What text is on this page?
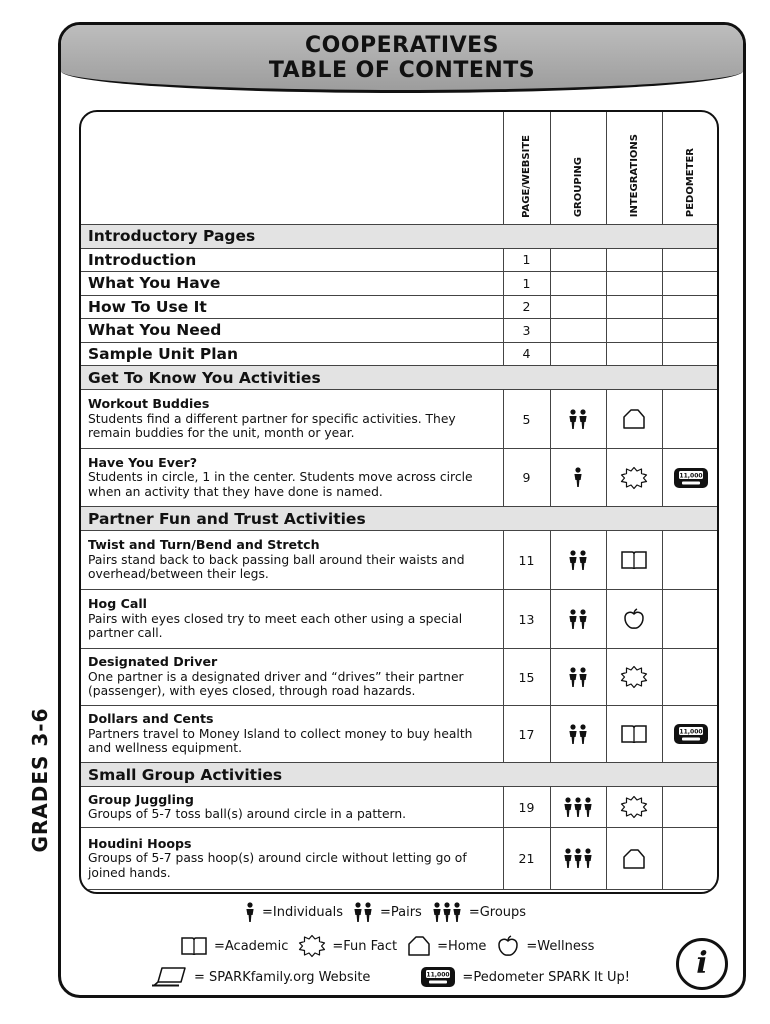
COOPERATIVES
TABLE OF CONTENTS
GRADES 3-6

	PAGE/WEBSITE	GROUPING	INTEGRATIONS	PEDOMETER

Introductory Pages				
Introduction	1			
What You Have	1			
How To Use It	2			
What You Need	3			
Sample Unit Plan	4			
Get To Know You Activities				

Workout Buddies
Students find a different partner for specific activities. They remain buddies for the unit, month or year.	5			

Have You Ever?
Students in circle, 1 in the center. Students move across circle when an activity that they have done is named.	9			11,000

Partner Fun and Trust Activities				

Twist and Turn/Bend and Stretch
Pairs stand back to back passing ball around their waists and overhead/between their legs.	11			

Hog Call
Pairs with eyes closed try to meet each other using a special partner call.	13			

Designated Driver
One partner is a designated driver and “drives” their partner (passenger), with eyes closed, through road hazards.	15			

Dollars and Cents
Partners travel to Money Island to collect money to buy health and wellness equipment.	17			11,000

Small Group Activities				

Group Juggling
Groups of 5-7 toss ball(s) around circle in a pattern.	19			

Houdini Hoops
Groups of 5-7 pass hoop(s) around circle without letting go of joined hands.	21			
=Individuals	=Pairs	=Groups
=Academic	=Fun Fact	=Home	=Wellness
= SPARKfamily.org Website	11,000 =Pedometer SPARK It Up!	i
